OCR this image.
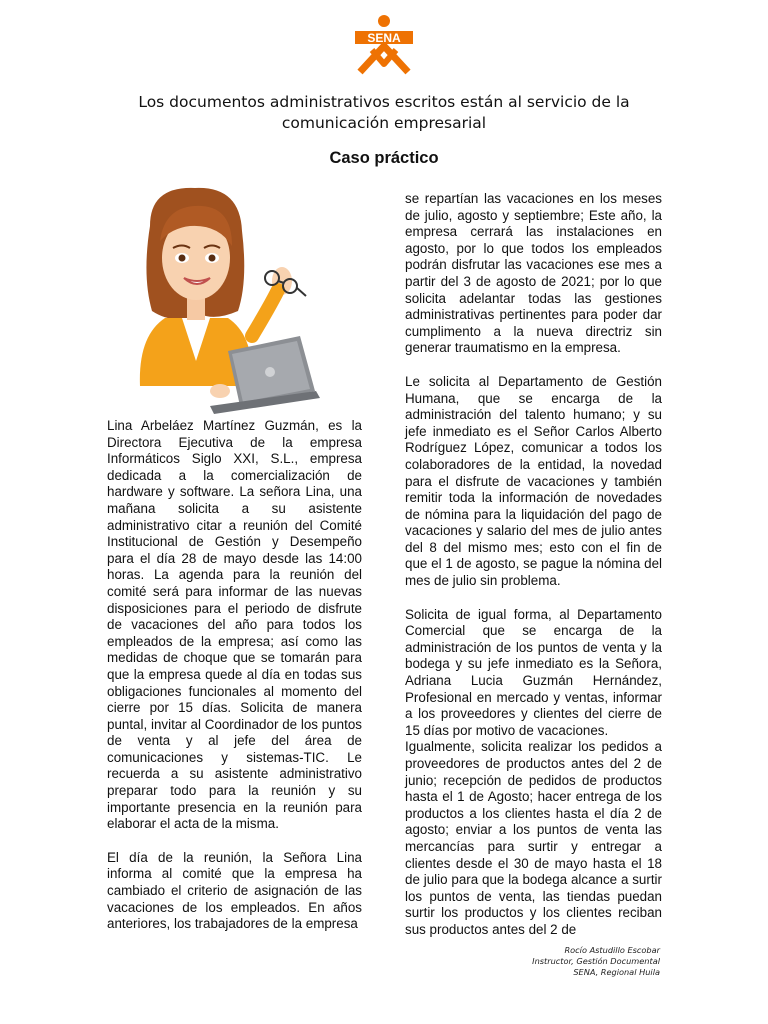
SENA
Los documentos administrativos escritos están al servicio de la comunicación empresarial
Caso práctico

Lina Arbeláez Martínez Guzmán, es la Directora Ejecutiva de la empresa Informáticos Siglo XXI, S.L., empresa dedicada a la comercialización de hardware y software. La señora Lina, una mañana solicita a su asistente administrativo citar a reunión del Comité Institucional de Gestión y Desempeño para el día 28 de mayo desde las 14:00 horas. La agenda para la reunión del comité será para informar de las nuevas disposiciones para el periodo de disfrute de vacaciones del año para todos los empleados de la empresa; así como las medidas de choque que se tomarán para que la empresa quede al día en todas sus obligaciones funcionales al momento del cierre por 15 días. Solicita de manera puntal, invitar al Coordinador de los puntos de venta y al jefe del área de comunicaciones y sistemas-TIC. Le recuerda a su asistente administrativo preparar todo para la reunión y su importante presencia en la reunión para elaborar el acta de la misma.

El día de la reunión, la Señora Lina informa al comité que la empresa ha cambiado el criterio de asignación de las vacaciones de los empleados. En años anteriores, los trabajadores de la empresa

se repartían las vacaciones en los meses de julio, agosto y septiembre; Este año, la empresa cerrará las instalaciones en agosto, por lo que todos los empleados podrán disfrutar las vacaciones ese mes a partir del 3 de agosto de 2021; por lo que solicita adelantar todas las gestiones administrativas pertinentes para poder dar cumplimento a la nueva directriz sin generar traumatismo en la empresa.

Le solicita al Departamento de Gestión Humana, que se encarga de la administración del talento humano; y su jefe inmediato es el Señor Carlos Alberto Rodríguez López, comunicar a todos los colaboradores de la entidad, la novedad para el disfrute de vacaciones y también remitir toda la información de novedades de nómina para la liquidación del pago de vacaciones y salario del mes de julio antes del 8 del mismo mes; esto con el fin de que el 1 de agosto, se pague la nómina del mes de julio sin problema.

Solicita de igual forma, al Departamento Comercial que se encarga de la administración de los puntos de venta y la bodega y su jefe inmediato es la Señora, Adriana Lucia Guzmán Hernández, Profesional en mercado y ventas, informar a los proveedores y clientes del cierre de 15 días por motivo de vacaciones.

Igualmente, solicita realizar los pedidos a proveedores de productos antes del 2 de junio; recepción de pedidos de productos hasta el 1 de Agosto; hacer entrega de los productos a los clientes hasta el día 2 de agosto; enviar a los puntos de venta las mercancías para surtir y entregar a clientes desde el 30 de mayo hasta el 18 de julio para que la bodega alcance a surtir los puntos de venta, las tiendas puedan surtir los productos y los clientes reciban sus productos antes del 2 de

Rocío Astudillo Escobar
Instructor, Gestión Documental
SENA, Regional Huila
